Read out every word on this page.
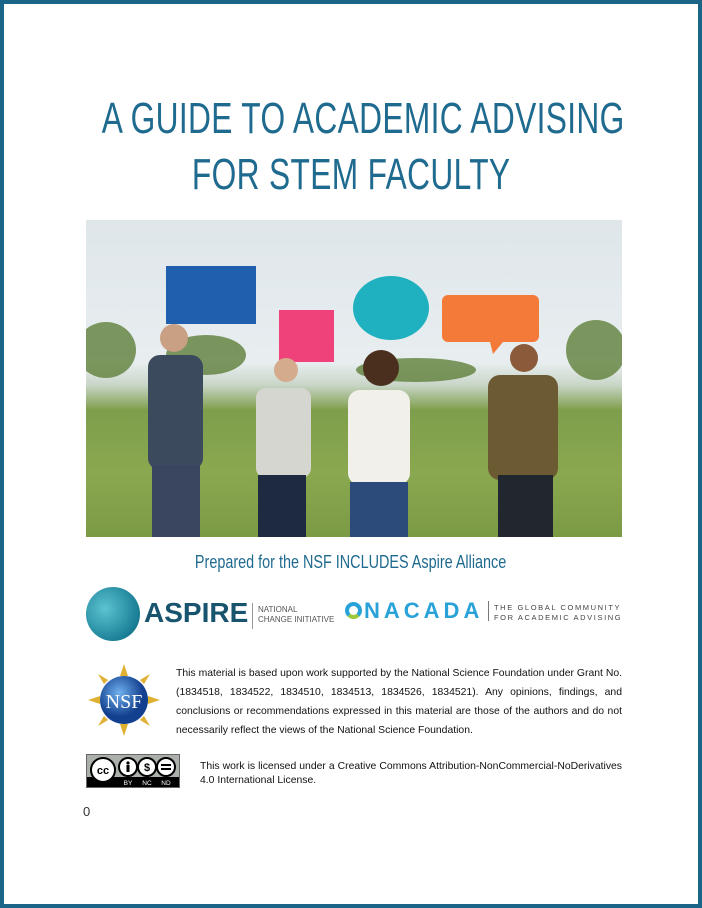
A GUIDE TO ACADEMIC ADVISING
FOR STEM FACULTY
Prepared for the NSF INCLUDES Aspire Alliance
ASPIRE NATIONAL
CHANGE INITIATIVE NACADA THE GLOBAL COMMUNITY
FOR ACADEMIC ADVISING
NSF
This material is based upon work supported by the National Science Foundation under Grant No. (1834518, 1834522, 1834510, 1834513, 1834526, 1834521). Any opinions, findings, and conclusions or recommendations expressed in this material are those of the authors and do not necessarily reflect the views of the National Science Foundation.
cc	$
BY NC ND
This work is licensed under a Creative Commons Attribution-NonCommercial-NoDerivatives 4.0 International License.
0
